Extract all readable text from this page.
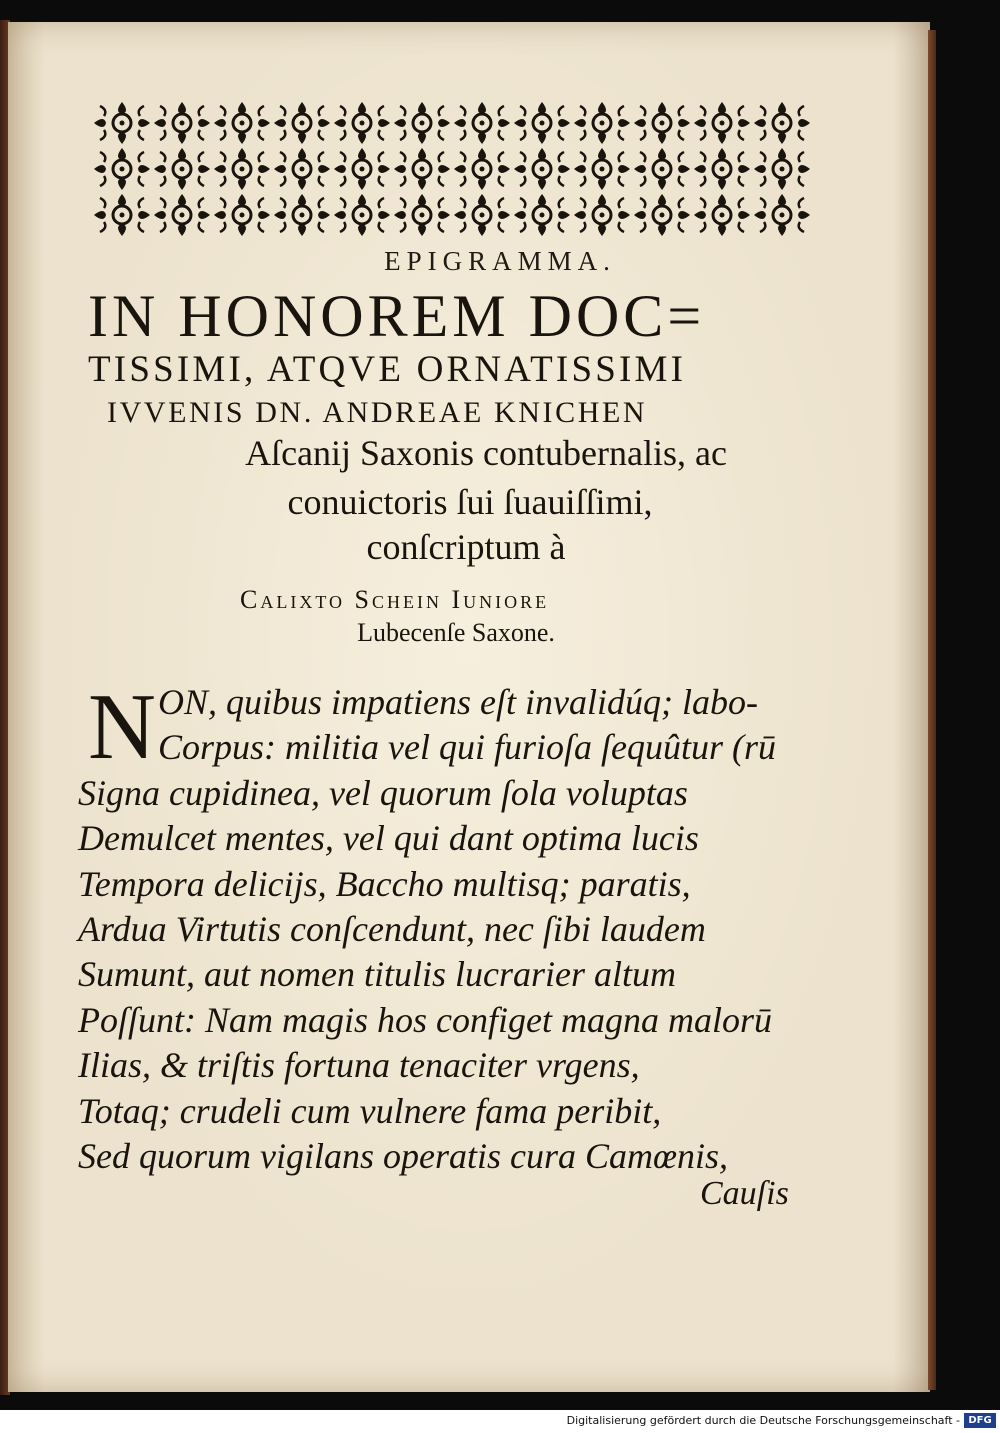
EPIGRAMMA.
IN HONOREM DOC=
TISSIMI, ATQVE ORNATISSIMI
IVVENIS DN. ANDREAE KNICHEN
Aſcanij Saxonis contubernalis, ac
conuictoris ſui ſuauiſſimi,
conſcriptum à
Calixto Schein Iuniore
Lubecenſe Saxone.
N ON, quibus impatiens eſt invalidúq; labo-
Corpus: militia vel qui furioſa ſequûtur (rū
Signa cupidinea, vel quorum ſola voluptas
Demulcet mentes, vel qui dant optima lucis
Tempora delicijs, Baccho multisq; paratis,
Ardua Virtutis conſcendunt, nec ſibi laudem
Sumunt, aut nomen titulis lucrarier altum
Poſſunt: Nam magis hos configet magna malorū
Ilias, & triſtis fortuna tenaciter vrgens,
Totaq; crudeli cum vulnere fama peribit,
Sed quorum vigilans operatis cura Camœnis,
Cauſis
Digitalisierung gefördert durch die Deutsche Forschungsgemeinschaft - DFG
